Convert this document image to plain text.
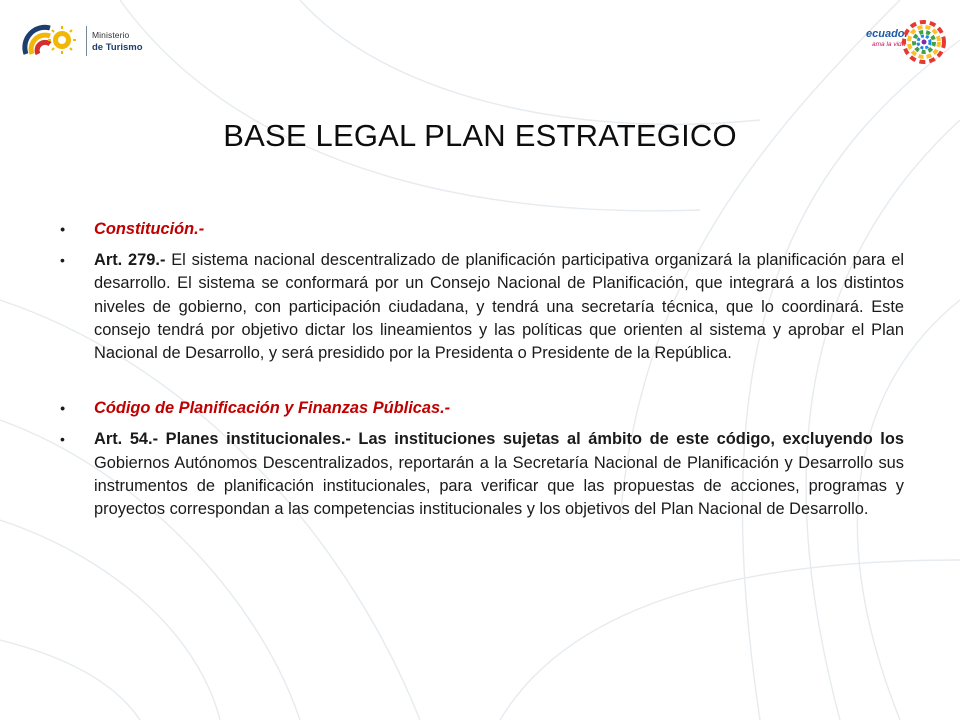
Ministerio
de Turismo
ecuador
ama la vida
BASE LEGAL PLAN ESTRATEGICO
• Constitución.-
• Art. 279.- El sistema nacional descentralizado de planificación participativa organizará la planificación para el desarrollo. El sistema se conformará por un Consejo Nacional de Planificación, que integrará a los distintos niveles de gobierno, con participación ciudadana, y tendrá una secretaría técnica, que lo coordinará. Este consejo tendrá por objetivo dictar los lineamientos y las políticas que orienten al sistema y aprobar el Plan Nacional de Desarrollo, y será presidido por la Presidenta o Presidente de la República.
• Código de Planificación y Finanzas Públicas.-
• Art. 54.- Planes institucionales.- Las instituciones sujetas al ámbito de este código, excluyendo los Gobiernos Autónomos Descentralizados, reportarán a la Secretaría Nacional de Planificación y Desarrollo sus instrumentos de planificación institucionales, para verificar que las propuestas de acciones, programas y proyectos correspondan a las competencias institucionales y los objetivos del Plan Nacional de Desarrollo.
